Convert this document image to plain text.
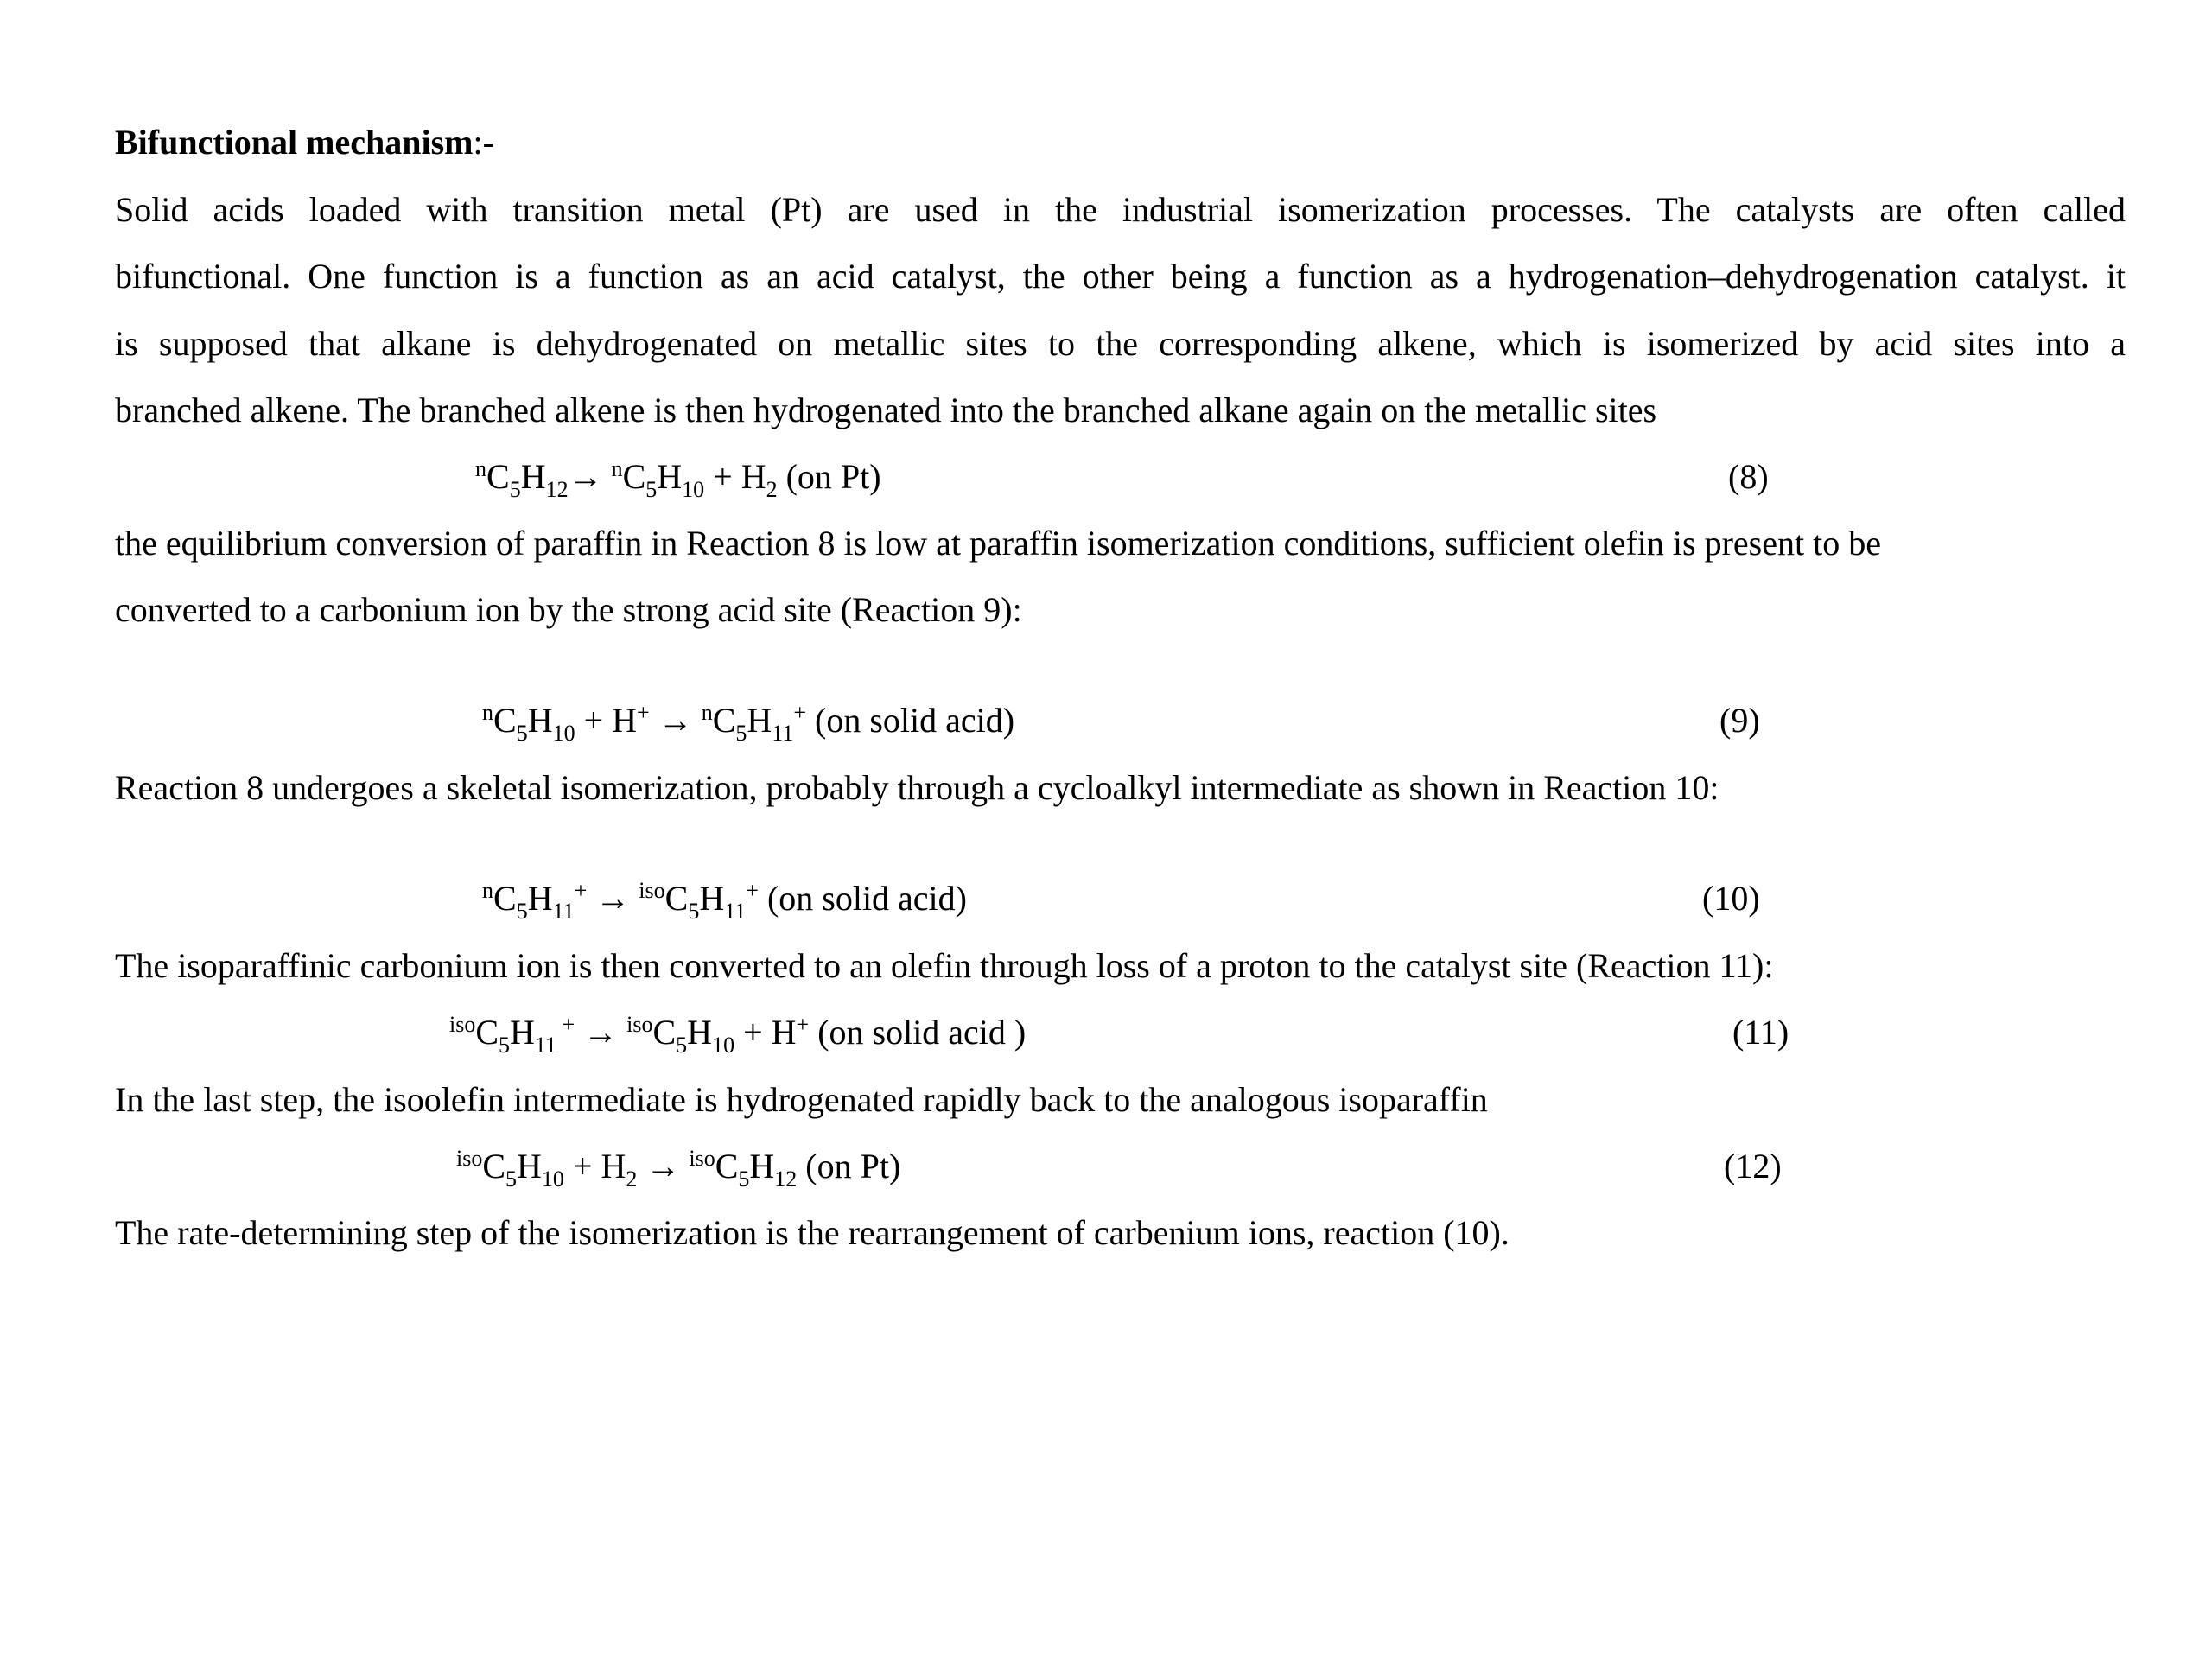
Bifunctional mechanism:-
Solid acids loaded with transition metal (Pt) are used in the industrial isomerization processes. The catalysts are often called
bifunctional. One function is a function as an acid catalyst, the other being a function as a hydrogenation–dehydrogenation catalyst. it
is supposed that alkane is dehydrogenated on metallic sites to the corresponding alkene, which is isomerized by acid sites into a
branched alkene. The branched alkene is then hydrogenated into the branched alkane again on the metallic sites
$^nC_5H_{12}\to ^nC_5H_{10} + H_2$ (on Pt)	(8)
the equilibrium conversion of paraffin in Reaction 8 is low at paraffin isomerization conditions, sufficient olefin is present to be
converted to a carbonium ion by the strong acid site (Reaction 9):
$^nC_5H_{10} + H^+ \to ^nC_5H_{11}^+$ (on solid acid)	(9)
Reaction 8 undergoes a skeletal isomerization, probably through a cycloalkyl intermediate as shown in Reaction 10:
$^nC_5H_{11}^+ \to ^{iso}C_5H_{11}^+$ (on solid acid)	(10)
The isoparaffinic carbonium ion is then converted to an olefin through loss of a proton to the catalyst site (Reaction 11):
$^{iso}C_5H_{11}$ $^+ \to ^{iso}C_5H_{10} + H^+$ (on solid acid )	(11)
In the last step, the isoolefin intermediate is hydrogenated rapidly back to the analogous isoparaffin
$^{iso}C_5H_{10} + H_2 \to ^{iso}C_5H_{12}$ (on Pt)	(12)
The rate-determining step of the isomerization is the rearrangement of carbenium ions, reaction (10).
